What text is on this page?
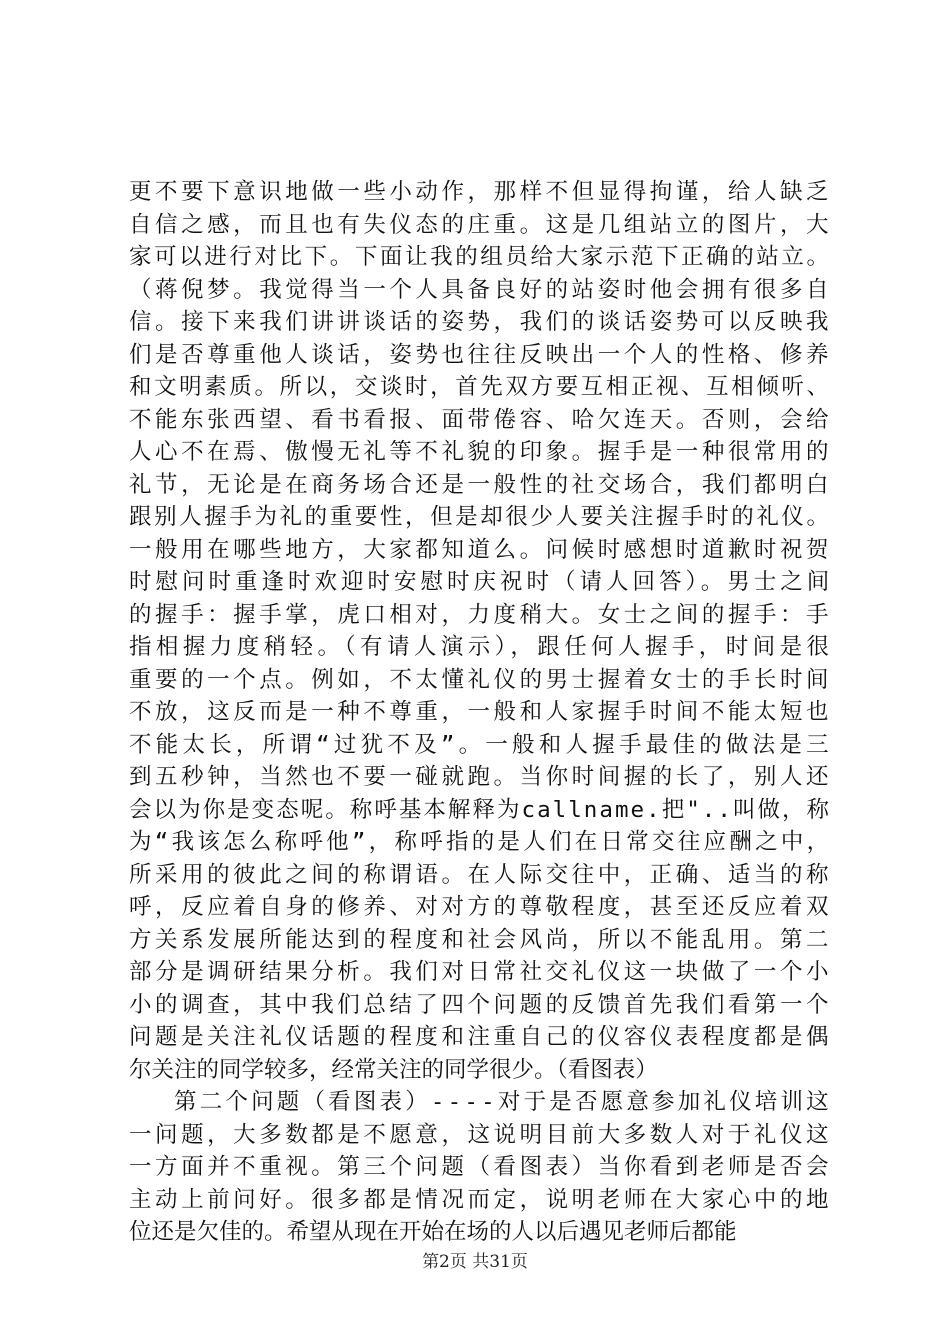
更不要下意识地做一些小动作，那样不但显得拘谨，给人缺乏
自信之感，而且也有失仪态的庄重。这是几组站立的图片，大
家可以进行对比下。下面让我的组员给大家示范下正确的站立。
（蒋倪梦。我觉得当一个人具备良好的站姿时他会拥有很多自
信。接下来我们讲讲谈话的姿势，我们的谈话姿势可以反映我
们是否尊重他人谈话，姿势也往往反映出一个人的性格、修养
和文明素质。所以，交谈时，首先双方要互相正视、互相倾听、
不能东张西望、看书看报、面带倦容、哈欠连天。否则，会给
人心不在焉、傲慢无礼等不礼貌的印象。握手是一种很常用的
礼节，无论是在商务场合还是一般性的社交场合，我们都明白
跟别人握手为礼的重要性，但是却很少人要关注握手时的礼仪。
一般用在哪些地方，大家都知道么。问候时感想时道歉时祝贺
时慰问时重逢时欢迎时安慰时庆祝时（请人回答）。男士之间
的握手：握手掌，虎口相对，力度稍大。女士之间的握手：手
指相握力度稍轻。（有请人演示），跟任何人握手，时间是很
重要的一个点。例如，不太懂礼仪的男士握着女士的手长时间
不放，这反而是一种不尊重，一般和人家握手时间不能太短也
不能太长，所谓“过犹不及”。一般和人握手最佳的做法是三
到五秒钟，当然也不要一碰就跑。当你时间握的长了，别人还
会以为你是变态呢。称呼基本解释为callname.把"..叫做，称
为“我该怎么称呼他”，称呼指的是人们在日常交往应酬之中，
所采用的彼此之间的称谓语。在人际交往中，正确、适当的称
呼，反应着自身的修养、对对方的尊敬程度，甚至还反应着双
方关系发展所能达到的程度和社会风尚，所以不能乱用。第二
部分是调研结果分析。我们对日常社交礼仪这一块做了一个小
小的调查，其中我们总结了四个问题的反馈首先我们看第一个
问题是关注礼仪话题的程度和注重自己的仪容仪表程度都是偶
尔关注的同学较多，经常关注的同学很少。（看图表）
第二个问题（看图表）----对于是否愿意参加礼仪培训这
一问题，大多数都是不愿意，这说明目前大多数人对于礼仪这
一方面并不重视。第三个问题（看图表）当你看到老师是否会
主动上前问好。很多都是情况而定，说明老师在大家心中的地
位还是欠佳的。希望从现在开始在场的人以后遇见老师后都能
第2页 共31页
